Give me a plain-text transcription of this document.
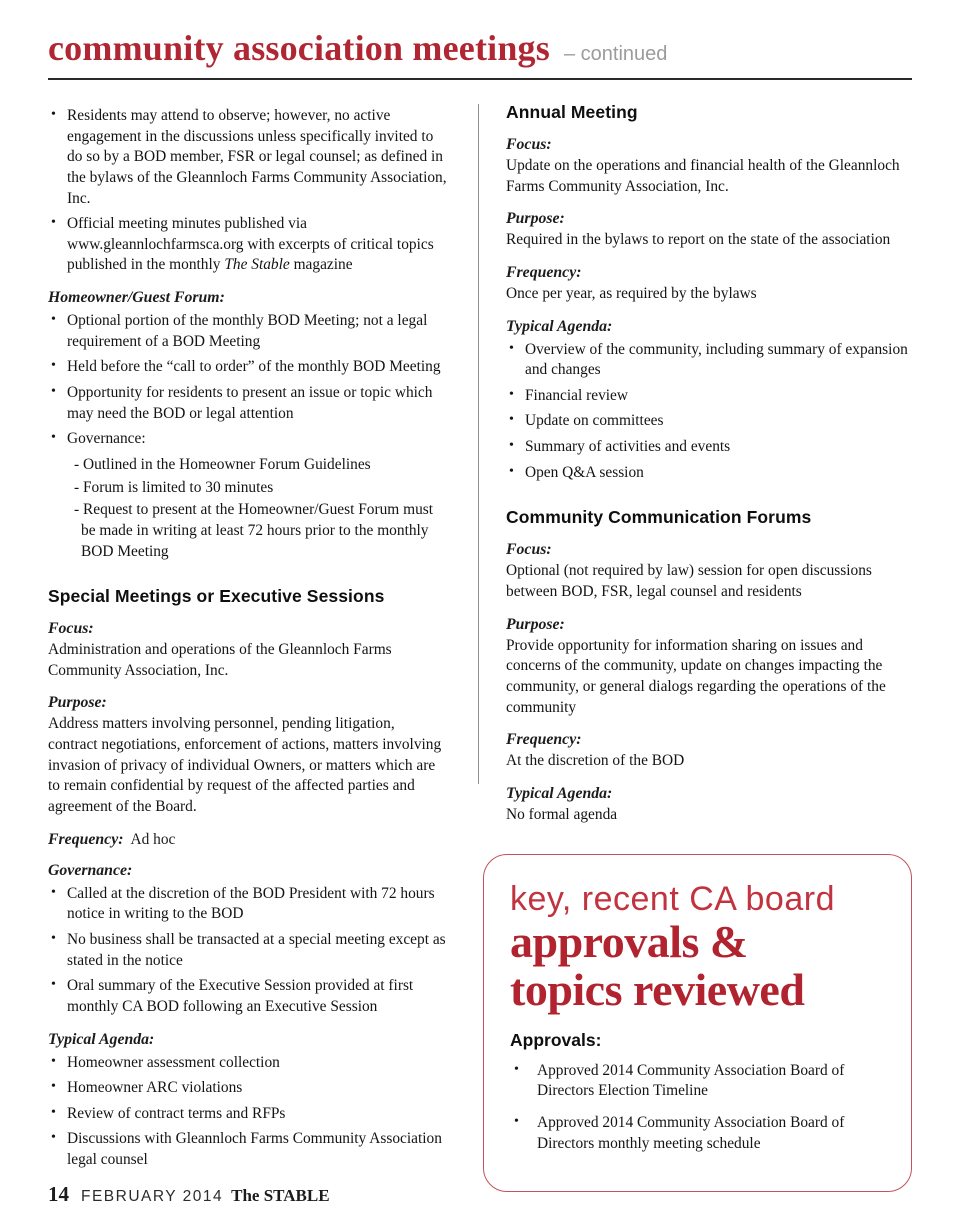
community association meetings – continued
• Residents may attend to observe; however, no active engagement in the discussions unless specifically invited to do so by a BOD member, FSR or legal counsel; as defined in the bylaws of the Gleannloch Farms Community Association, Inc.
• Official meeting minutes published via www.gleannlochfarmsca.org with excerpts of critical topics published in the monthly The Stable magazine
Homeowner/Guest Forum:
• Optional portion of the monthly BOD Meeting; not a legal requirement of a BOD Meeting
• Held before the “call to order” of the monthly BOD Meeting
• Opportunity for residents to present an issue or topic which may need the BOD or legal attention
• Governance:
- Outlined in the Homeowner Forum Guidelines
- Forum is limited to 30 minutes
- Request to present at the Homeowner/Guest Forum must be made in writing at least 72 hours prior to the monthly BOD Meeting
Special Meetings or Executive Sessions
Focus:
Administration and operations of the Gleannloch Farms Community Association, Inc.
Purpose:
Address matters involving personnel, pending litigation, contract negotiations, enforcement of actions, matters involving invasion of privacy of individual Owners, or matters which are to remain confidential by request of the affected parties and agreement of the Board.
Frequency: Ad hoc
Governance:
• Called at the discretion of the BOD President with 72 hours notice in writing to the BOD
• No business shall be transacted at a special meeting except as stated in the notice
• Oral summary of the Executive Session provided at first monthly CA BOD following an Executive Session
Typical Agenda:
• Homeowner assessment collection
• Homeowner ARC violations
• Review of contract terms and RFPs
• Discussions with Gleannloch Farms Community Association legal counsel
Annual Meeting
Focus:
Update on the operations and financial health of the Gleannloch Farms Community Association, Inc.
Purpose:
Required in the bylaws to report on the state of the association
Frequency:
Once per year, as required by the bylaws
Typical Agenda:
• Overview of the community, including summary of expansion and changes
• Financial review
• Update on committees
• Summary of activities and events
• Open Q&A session
Community Communication Forums
Focus:
Optional (not required by law) session for open discussions between BOD, FSR, legal counsel and residents
Purpose:
Provide opportunity for information sharing on issues and concerns of the community, update on changes impacting the community, or general dialogs regarding the operations of the community
Frequency:
At the discretion of the BOD
Typical Agenda:
No formal agenda
key, recent CA board
approvals &
topics reviewed
Approvals:
• Approved 2014 Community Association Board of Directors Election Timeline
• Approved 2014 Community Association Board of Directors monthly meeting schedule
14 FEBRUARY 2014 The STABLE
